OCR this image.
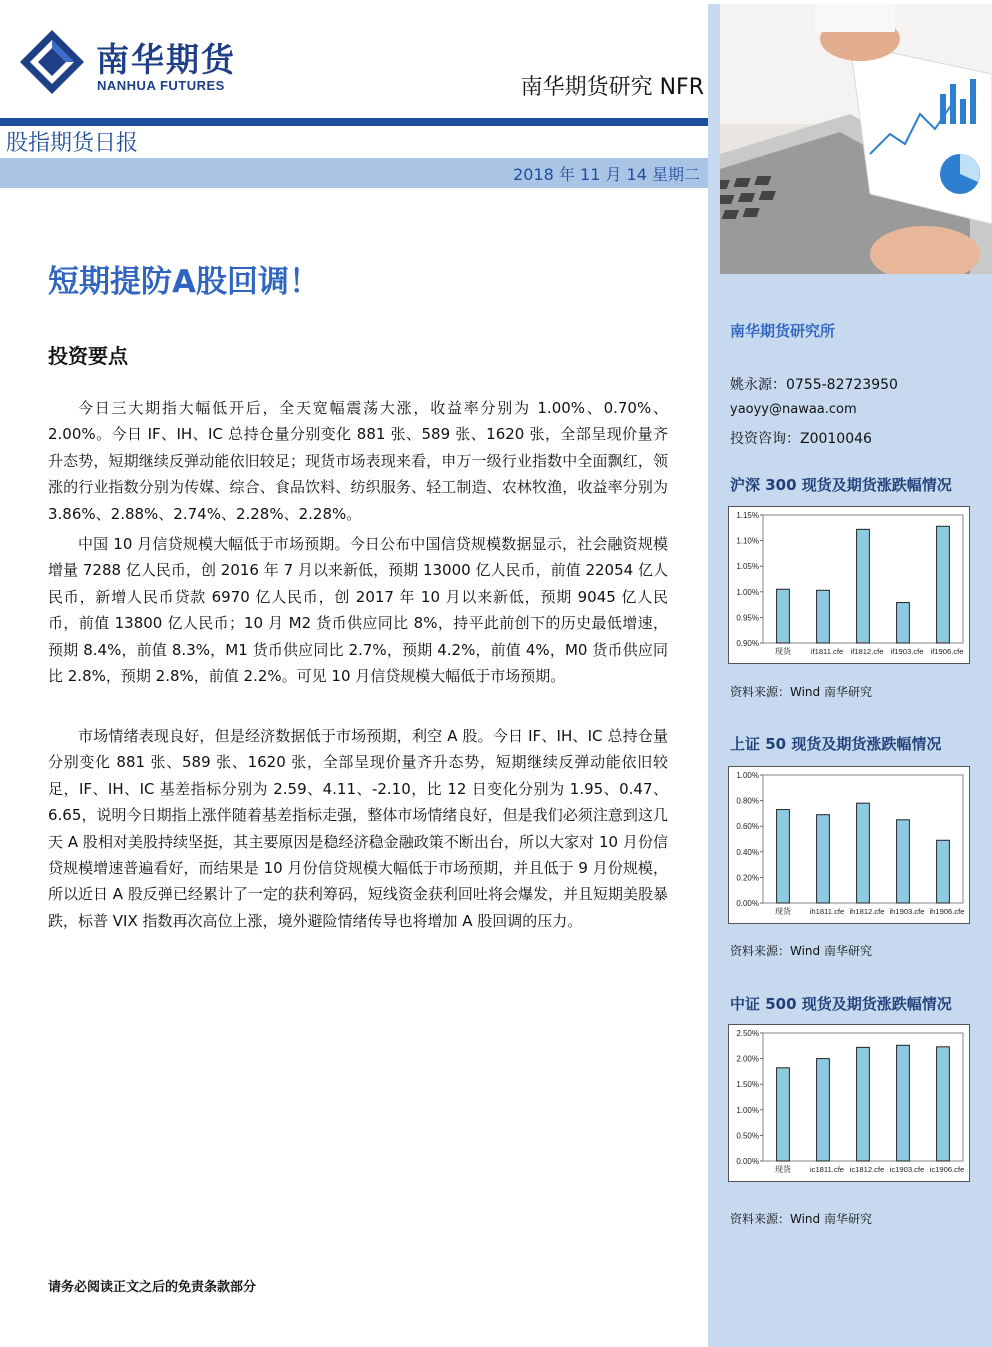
南华期货
NANHUA FUTURES	南华期货研究 NFR
股指期货日报
2018 年 11 月 14 星期二
短期提防A股回调！
投资要点

今日三大期指大幅低开后，全天宽幅震荡大涨，收益率分别为 1.00%、0.70%、2.00%。今日 IF、IH、IC 总持仓量分别变化 881 张、589 张、1620 张，全部呈现价量齐升态势，短期继续反弹动能依旧较足；现货市场表现来看，申万一级行业指数中全面飘红，领涨的行业指数分别为传媒、综合、食品饮料、纺织服务、轻工制造、农林牧渔，收益率分别为 3.86%、2.88%、2.74%、2.28%、2.28%。

中国 10 月信贷规模大幅低于市场预期。今日公布中国信贷规模数据显示，社会融资规模增量 7288 亿人民币，创 2016 年 7 月以来新低，预期 13000 亿人民币，前值 22054 亿人民币，新增人民币贷款 6970 亿人民币，创 2017 年 10 月以来新低，预期 9045 亿人民币，前值 13800 亿人民币；10 月 M2 货币供应同比 8%，持平此前创下的历史最低增速，预期 8.4%，前值 8.3%，M1 货币供应同比 2.7%，预期 4.2%，前值 4%，M0 货币供应同比 2.8%，预期 2.8%，前值 2.2%。可见 10 月信贷规模大幅低于市场预期。

市场情绪表现良好，但是经济数据低于市场预期，利空 A 股。今日 IF、IH、IC 总持仓量分别变化 881 张、589 张、1620 张，全部呈现价量齐升态势，短期继续反弹动能依旧较足，IF、IH、IC 基差指标分别为 2.59、4.11、-2.10，比 12 日变化分别为 1.95、0.47、6.65，说明今日期指上涨伴随着基差指标走强，整体市场情绪良好，但是我们必须注意到这几天 A 股相对美股持续坚挺，其主要原因是稳经济稳金融政策不断出台，所以大家对 10 月份信贷规模增速普遍看好，而结果是 10 月份信贷规模大幅低于市场预期，并且低于 9 月份规模，所以近日 A 股反弹已经累计了一定的获利筹码，短线资金获利回吐将会爆发，并且短期美股暴跌，标普 VIX 指数再次高位上涨，境外避险情绪传导也将增加 A 股回调的压力。

请务必阅读正文之后的免责条款部分
南华期货研究所
姚永源：0755-82723950
yaoyy@nawaa.com
投资咨询：Z0010046
沪深 300 现货及期货涨跌幅情况
0.90%
0.95%
1.00%
1.05%
1.10%
1.15%
现货	if1811.cfe if1812.cfe if1903.cfe if1906.cfe
资料来源：Wind 南华研究
上证 50 现货及期货涨跌幅情况
0.00%
0.20%
0.40%
0.60%
0.80%
1.00%
现货 ih1811.cfe ih1812.cfe ih1903.cfe ih1906.cfe
资料来源：Wind 南华研究
中证 500 现货及期货涨跌幅情况
0.00%
0.50%
1.00%
1.50%
2.00%
2.50%
现货 ic1811.cfe ic1812.cfe ic1903.cfe ic1906.cfe
资料来源：Wind 南华研究
